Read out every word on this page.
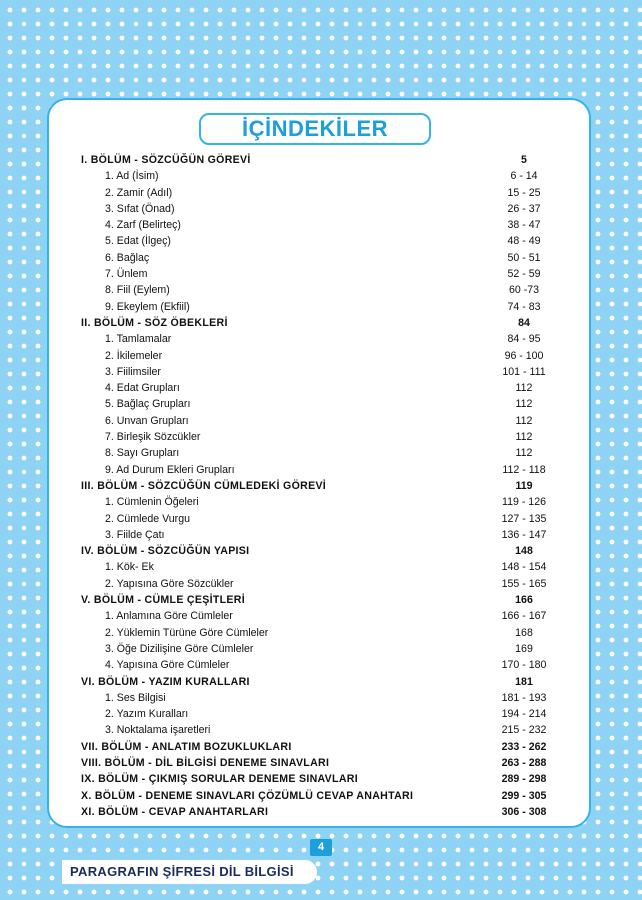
İÇİNDEKİLER
I. BÖLÜM - SÖZCÜĞÜN GÖREVİ	5
1. Ad (İsim)	6 - 14
2. Zamir (Adıl)	15 - 25
3. Sıfat (Önad)	26 - 37
4. Zarf (Belirteç)	38 - 47
5. Edat (İlgeç)	48 - 49
6. Bağlaç	50 - 51
7. Ünlem	52 - 59
8. Fiil (Eylem)	60 -73
9. Ekeylem (Ekfiil)	74 - 83
II. BÖLÜM - SÖZ ÖBEKLERİ	84
1. Tamlamalar	84 - 95
2. İkilemeler	96 - 100
3. Fiilimsiler	101 - 111
4. Edat Grupları	112
5. Bağlaç Grupları	112
6. Unvan Grupları	112
7. Birleşik Sözcükler	112
8. Sayı Grupları	112
9. Ad Durum Ekleri Grupları	112 - 118
III. BÖLÜM - SÖZCÜĞÜN CÜMLEDEKİ GÖREVİ	119
1. Cümlenin Öğeleri	119 - 126
2. Cümlede Vurgu	127 - 135
3. Fiilde Çatı	136 - 147
IV. BÖLÜM - SÖZCÜĞÜN YAPISI	148
1. Kök- Ek	148 - 154
2. Yapısına Göre Sözcükler	155 - 165
V. BÖLÜM - CÜMLE ÇEŞİTLERİ	166
1. Anlamına Göre Cümleler	166 - 167
2. Yüklemin Türüne Göre Cümleler	168
3. Öğe Dizilişine Göre Cümleler	169
4. Yapısına Göre Cümleler	170 - 180
VI. BÖLÜM - YAZIM KURALLARI	181
1. Ses Bilgisi	181 - 193
2. Yazım Kuralları	194 - 214
3. Noktalama işaretleri	215 - 232
VII. BÖLÜM - ANLATIM BOZUKLUKLARI	233 - 262
VIII. BÖLÜM - DİL BİLGİSİ DENEME SINAVLARI	263 - 288
IX. BÖLÜM - ÇIKMIŞ SORULAR DENEME SINAVLARI	289 - 298
X. BÖLÜM - DENEME SINAVLARI ÇÖZÜMLÜ CEVAP ANAHTARI	299 - 305
XI. BÖLÜM - CEVAP ANAHTARLARI	306 - 308
4
PARAGRAFIN ŞİFRESİ DİL BİLGİSİ
